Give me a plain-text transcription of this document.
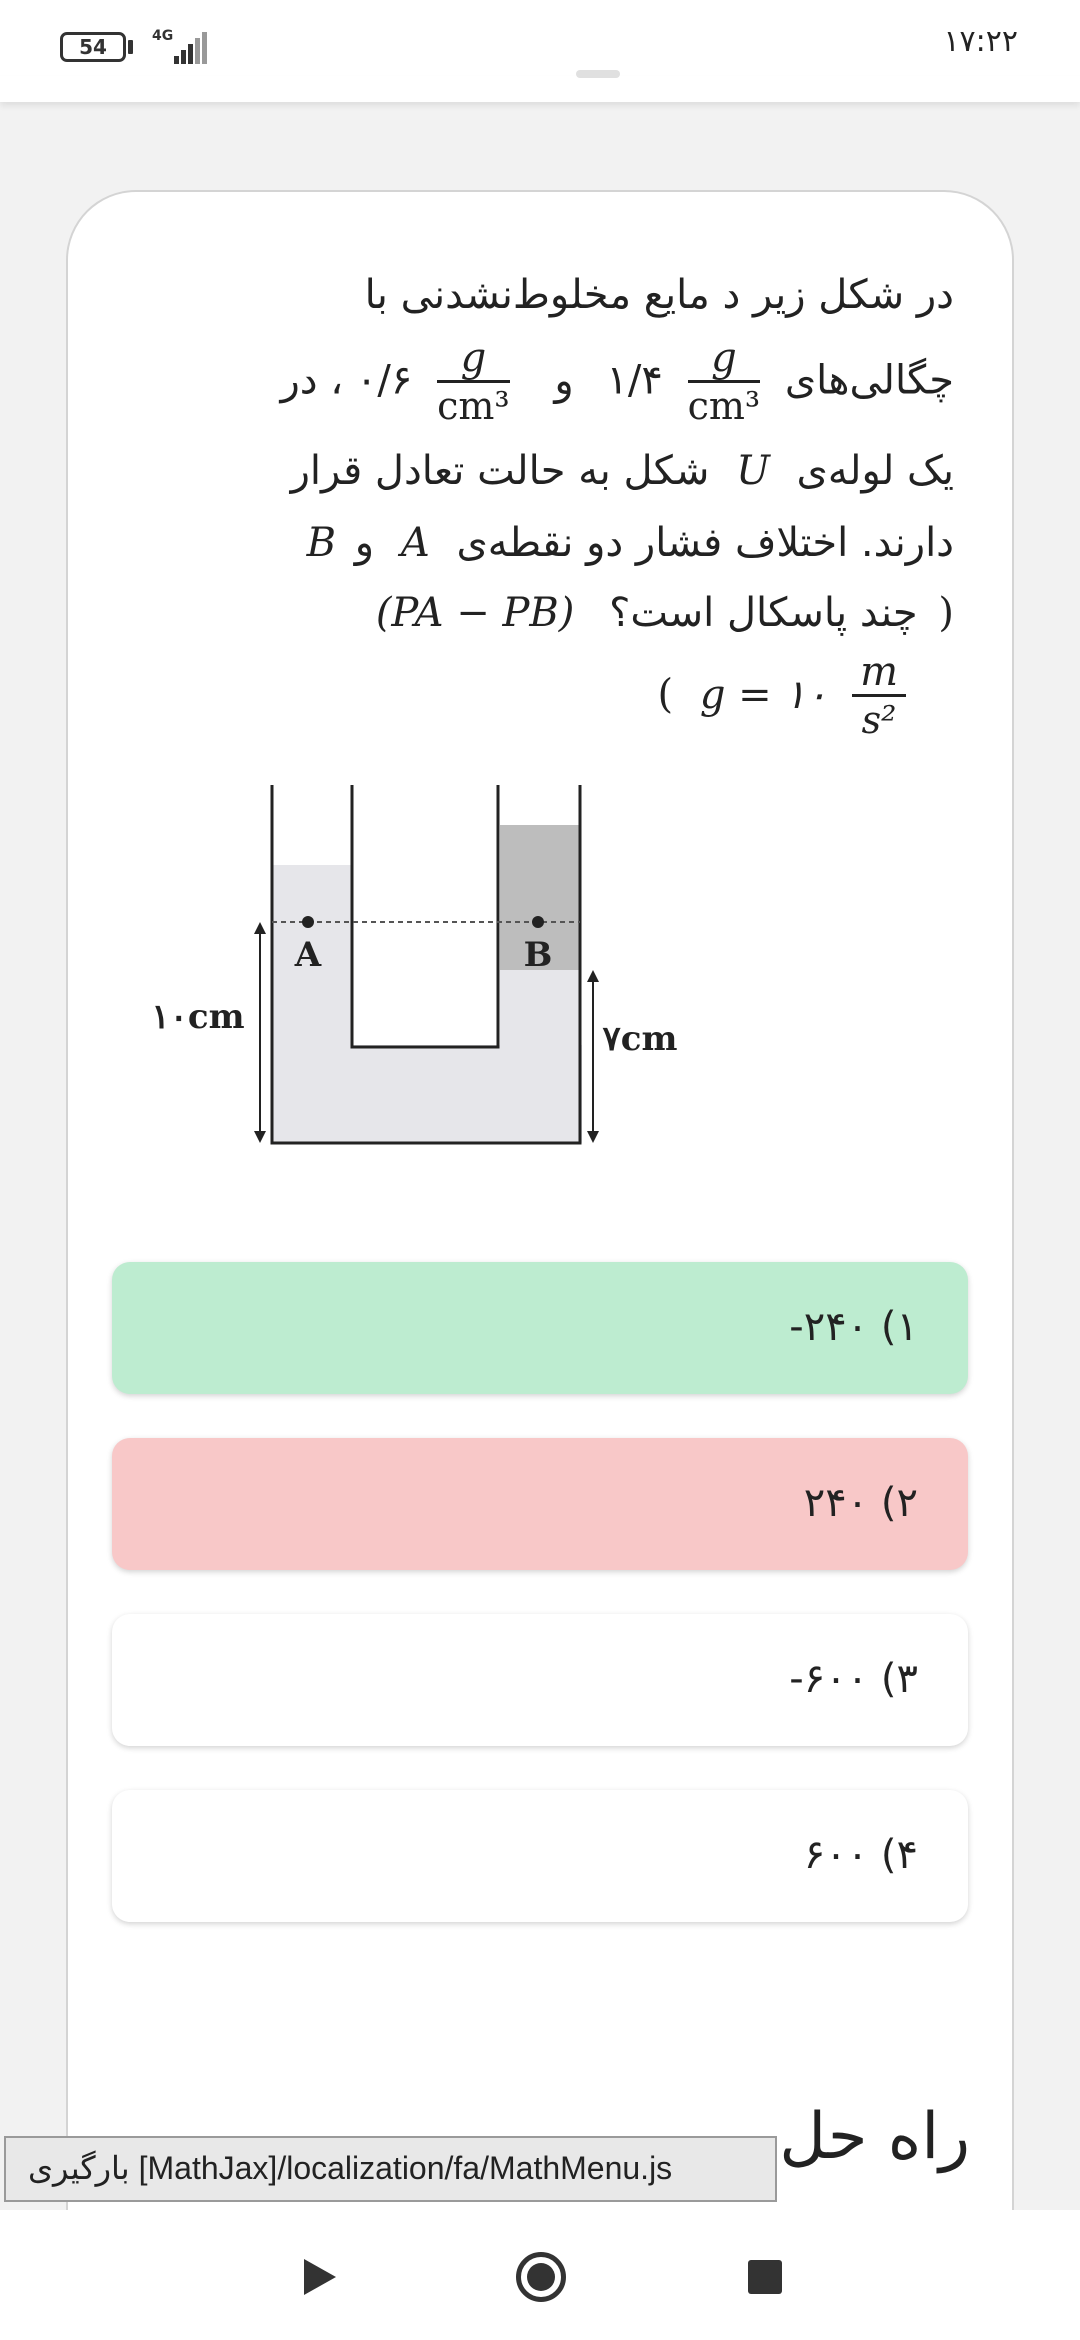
54	4G	۱۷:۲۲
در شکل زیر د مایع مخلوط‌نشدنی با
چگالی‌های
$\frac{g}{\text{cm³}}$
۱/۴ و
$\frac{g}{\text{cm³}}$
۰/۶ ، در
یک لوله‌ی U شکل به حالت تعادل قرار
دارند. اختلاف فشار دو نقطه‌ی A و B
( چند پاسکال است؟ (PA − PB)
( g = ۱۰ $\frac{m}{\text{s²}}$
A	B
۱۰cm
۷cm
۱) ۲۴۰-
۲) ۲۴۰
۳) ۶۰۰-
۴) ۶۰۰
راه حل
بارگیری [MathJax]/localization/fa/MathMenu.js
